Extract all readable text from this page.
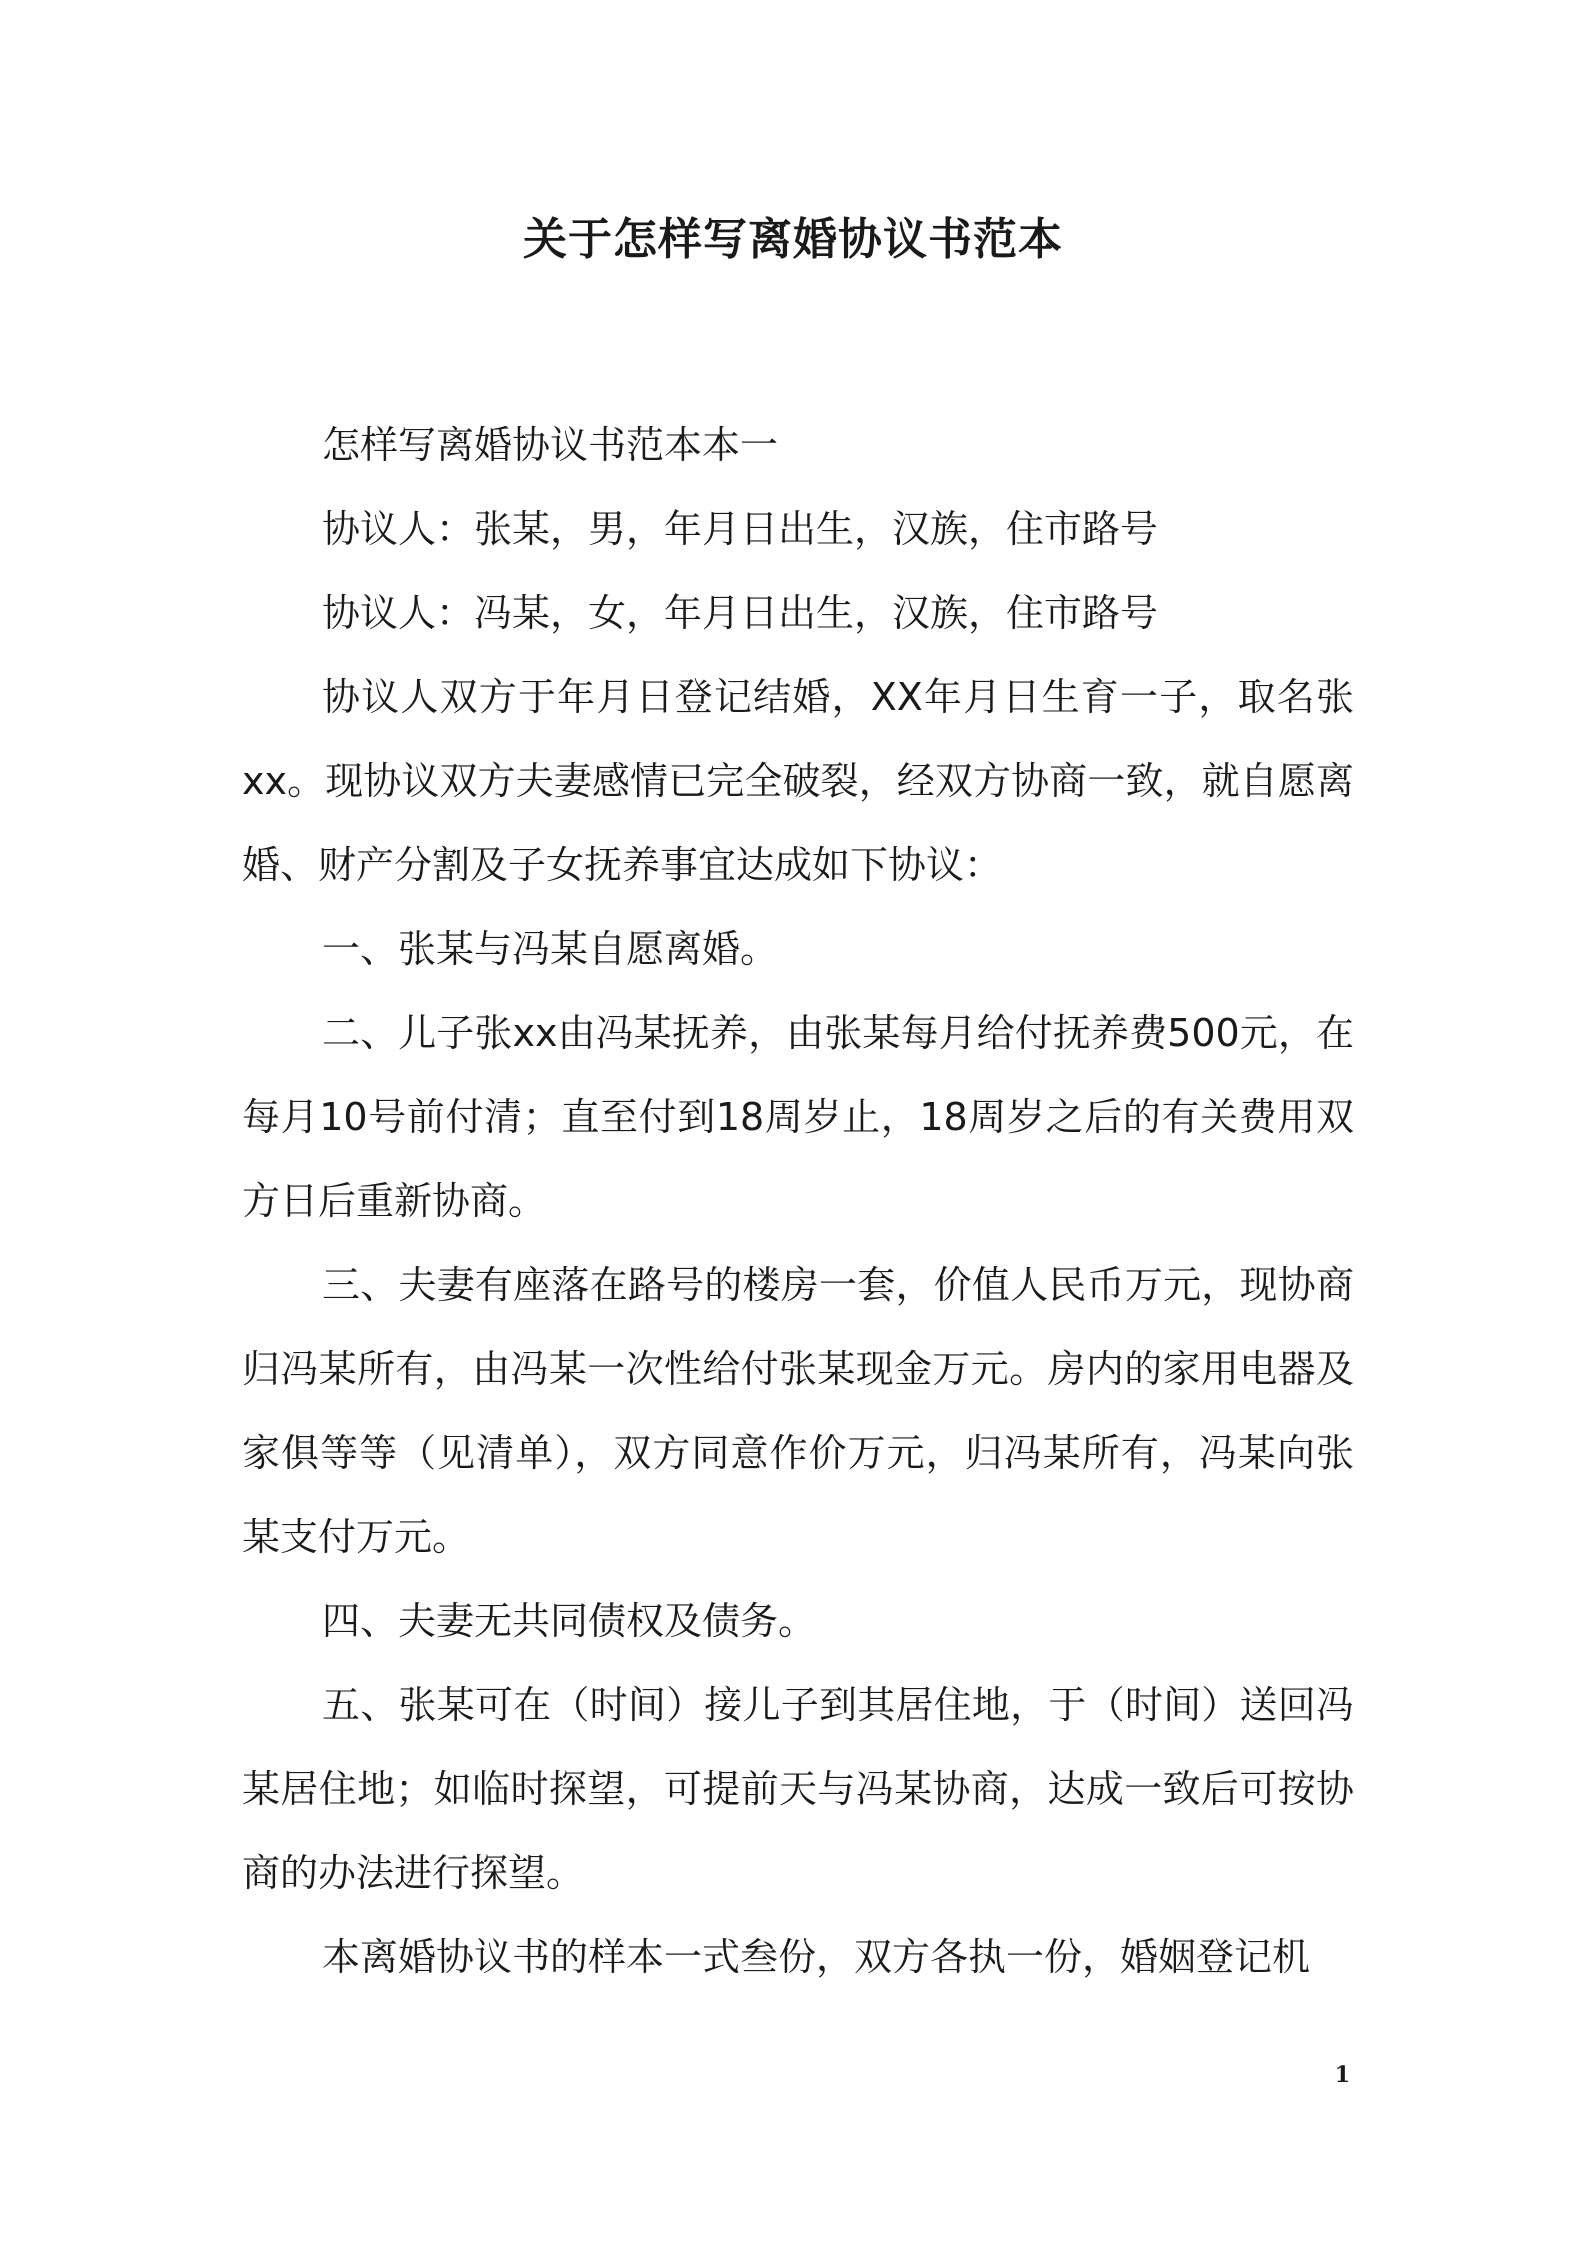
关于怎样写离婚协议书范本

怎样写离婚协议书范本本一

协议人：张某，男，年月日出生，汉族，住市路号

协议人：冯某，女，年月日出生，汉族，住市路号

协议人双方于年月日登记结婚，XX年月日生育一子，取名张xx。现协议双方夫妻感情已完全破裂，经双方协商一致，就自愿离婚、财产分割及子女抚养事宜达成如下协议：

一、张某与冯某自愿离婚。

二、儿子张xx由冯某抚养，由张某每月给付抚养费500元，在每月10号前付清；直至付到18周岁止，18周岁之后的有关费用双方日后重新协商。

三、夫妻有座落在路号的楼房一套，价值人民币万元，现协商归冯某所有，由冯某一次性给付张某现金万元。房内的家用电器及家俱等等（见清单），双方同意作价万元，归冯某所有，冯某向张某支付万元。

四、夫妻无共同债权及债务。

五、张某可在（时间）接儿子到其居住地，于（时间）送回冯某居住地；如临时探望，可提前天与冯某协商，达成一致后可按协商的办法进行探望。

本离婚协议书的样本一式叁份，双方各执一份，婚姻登记机

1
